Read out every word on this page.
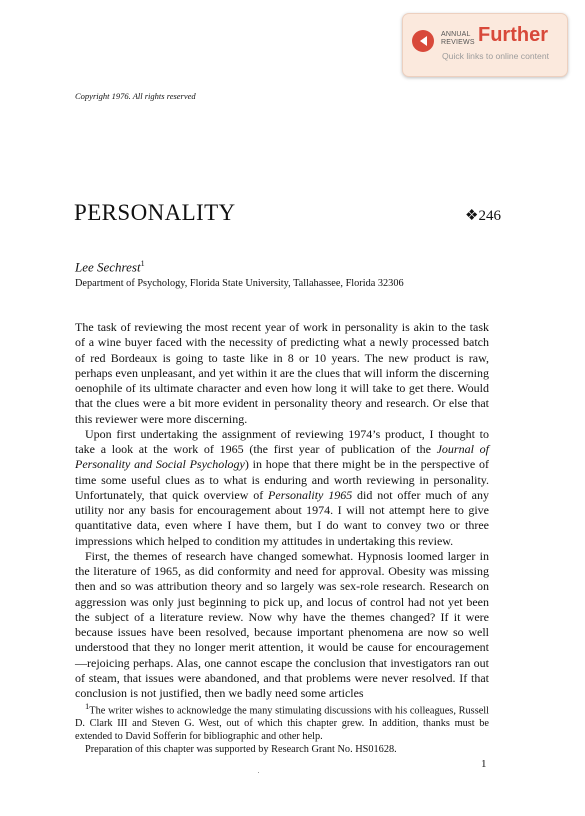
ANNUAL
REVIEWS Further
Quick links to online content
Copyright 1976. All rights reserved
PERSONALITY	❖246
Lee Sechrest$^1$
Department of Psychology, Florida State University, Tallahassee, Florida 32306

The task of reviewing the most recent year of work in personality is akin to the task of a wine buyer faced with the necessity of predicting what a newly processed batch of red Bordeaux is going to taste like in 8 or 10 years. The new product is raw, perhaps even unpleasant, and yet within it are the clues that will inform the discerning oenophile of its ultimate character and even how long it will take to get there. Would that the clues were a bit more evident in personality theory and research. Or else that this reviewer were more discerning.

Upon first undertaking the assignment of reviewing 1974’s product, I thought to take a look at the work of 1965 (the first year of publication of the Journal of Personality and Social Psychology) in hope that there might be in the perspective of time some useful clues as to what is enduring and worth reviewing in personality. Unfortunately, that quick overview of Personality 1965 did not offer much of any utility nor any basis for encouragement about 1974. I will not attempt here to give quantitative data, even where I have them, but I do want to convey two or three impressions which helped to condition my attitudes in undertaking this review.

First, the themes of research have changed somewhat. Hypnosis loomed larger in the literature of 1965, as did conformity and need for approval. Obesity was missing then and so was attribution theory and so largely was sex-role research. Research on aggression was only just beginning to pick up, and locus of control had not yet been the subject of a literature review. Now why have the themes changed? If it were because issues have been resolved, because important phenomena are now so well understood that they no longer merit attention, it would be cause for encouragement—rejoicing perhaps. Alas, one cannot escape the conclusion that investigators ran out of steam, that issues were abandoned, and that problems were never resolved. If that conclusion is not justified, then we badly need some articles

$^1$The writer wishes to acknowledge the many stimulating discussions with his colleagues, Russell D. Clark III and Steven G. West, out of which this chapter grew. In addition, thanks must be extended to David Sofferin for bibliographic and other help.

Preparation of this chapter was supported by Research Grant No. HS01628.

1
